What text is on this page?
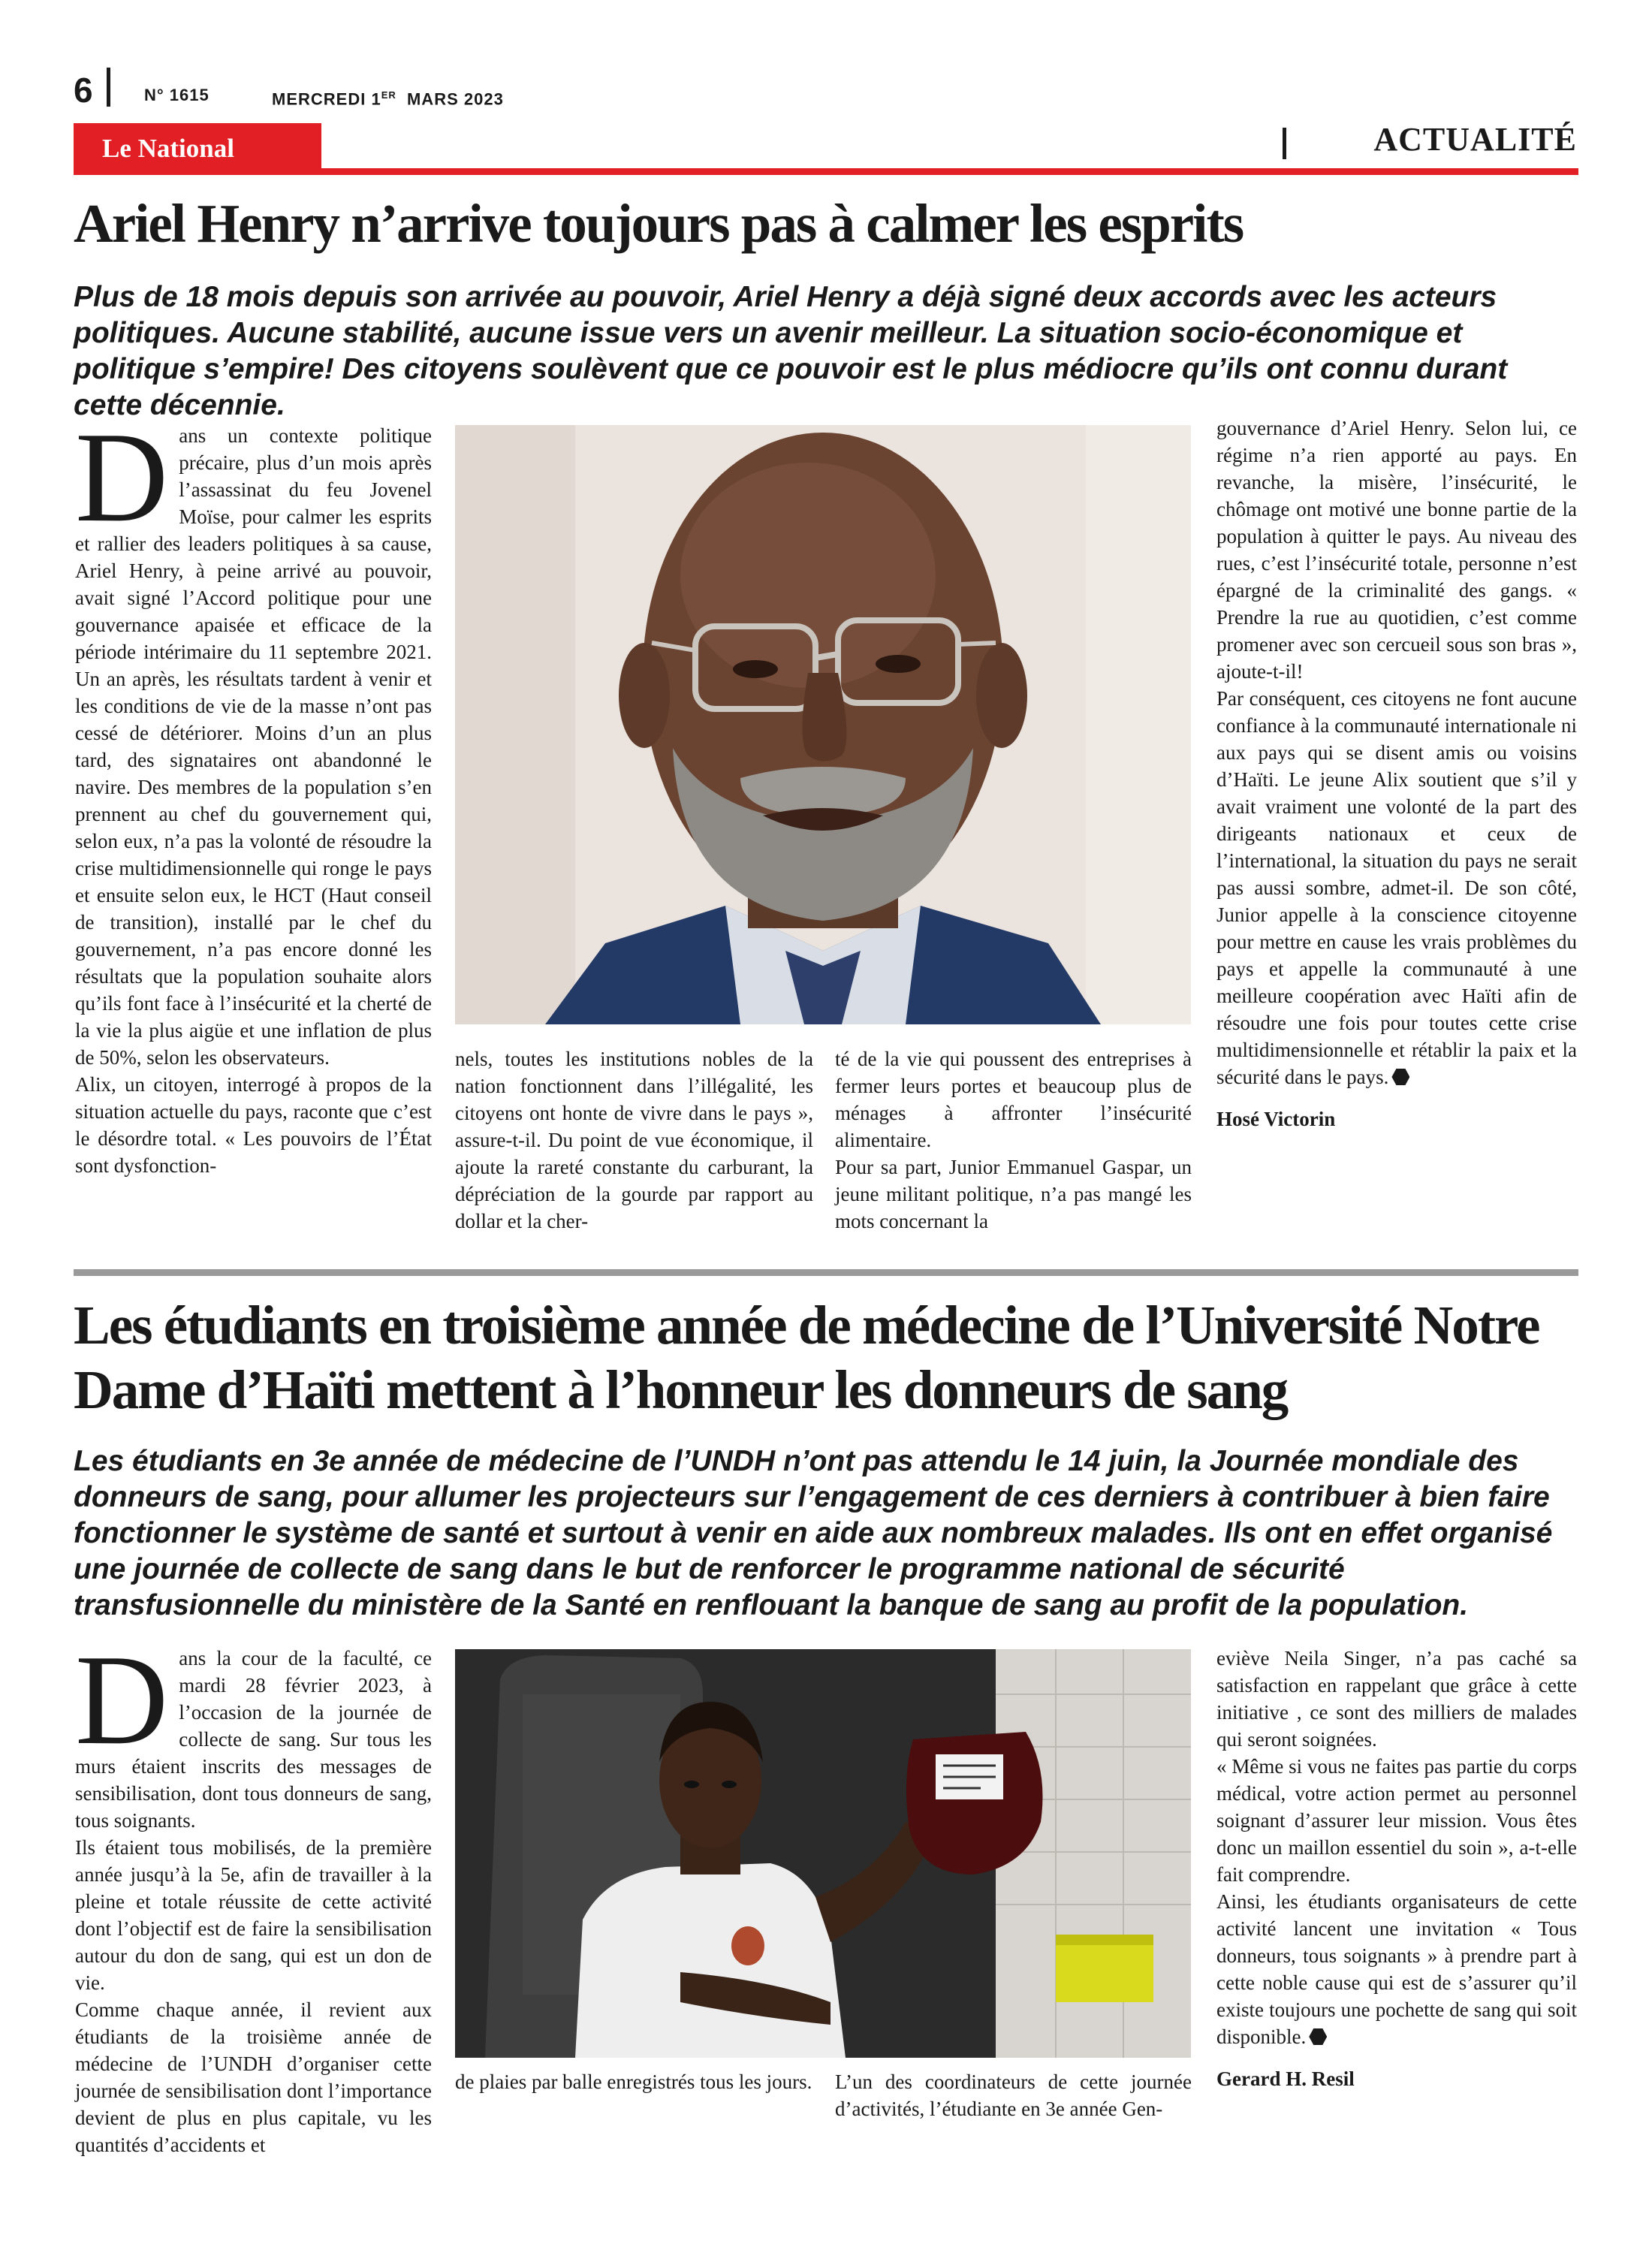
6	N° 1615	MERCREDI 1ER MARS 2023
Le National	ACTUALITÉ
Ariel Henry n’arrive toujours pas à calmer les esprits
Plus de 18 mois depuis son arrivée au pouvoir, Ariel Henry a déjà signé deux accords avec les acteurs politiques. Aucune stabilité, aucune issue vers un avenir meilleur. La situation socio-économique et politique s’empire! Des citoyens soulèvent que ce pouvoir est le plus médiocre qu’ils ont connu durant cette décennie.
D ans un contexte politique précaire, plus d’un mois après l’assassinat du feu Jovenel Moïse, pour calmer les esprits et rallier des leaders politiques à sa cause, Ariel Henry, à peine arrivé au pouvoir, avait signé l’Accord politique pour une gouvernance apaisée et efficace de la période intérimaire du 11 septembre 2021. Un an après, les résultats tardent à venir et les conditions de vie de la masse n’ont pas cessé de détériorer. Moins d’un an plus tard, des signataires ont abandonné le navire. Des membres de la population s’en prennent au chef du gouvernement qui, selon eux, n’a pas la volonté de résoudre la crise multidimensionnelle qui ronge le pays et ensuite selon eux, le HCT (Haut conseil de transition), installé par le chef du gouvernement, n’a pas encore donné les résultats que la population souhaite alors qu’ils font face à l’insécurité et la cherté de la vie la plus aigüe et une inflation de plus de 50%, selon les observateurs.

Alix, un citoyen, interrogé à propos de la situation actuelle du pays, raconte que c’est le désordre total. « Les pouvoirs de l’État sont dysfonction-

nels, toutes les institutions nobles de la nation fonctionnent dans l’illégalité, les citoyens ont honte de vivre dans le pays », assure-t-il. Du point de vue économique, il ajoute la rareté constante du carburant, la dépréciation de la gourde par rapport au dollar et la cher-

té de la vie qui poussent des entreprises à fermer leurs portes et beaucoup plus de ménages à affronter l’insécurité alimentaire.

Pour sa part, Junior Emmanuel Gaspar, un jeune militant politique, n’a pas mangé les mots concernant la

gouvernance d’Ariel Henry. Selon lui, ce régime n’a rien apporté au pays. En revanche, la misère, l’insécurité, le chômage ont motivé une bonne partie de la population à quitter le pays. Au niveau des rues, c’est l’insécurité totale, personne n’est épargné de la criminalité des gangs. « Prendre la rue au quotidien, c’est comme promener avec son cercueil sous son bras », ajoute-t-il!

Par conséquent, ces citoyens ne font aucune confiance à la communauté internationale ni aux pays qui se disent amis ou voisins d’Haïti. Le jeune Alix soutient que s’il y avait vraiment une volonté de la part des dirigeants nationaux et ceux de l’international, la situation du pays ne serait pas aussi sombre, admet-il. De son côté, Junior appelle à la conscience citoyenne pour mettre en cause les vrais problèmes du pays et appelle la communauté à une meilleure coopération avec Haïti afin de résoudre une fois pour toutes cette crise multidimensionnelle et rétablir la paix et la sécurité dans le pays.

Hosé Victorin

Les étudiants en troisième année de médecine de l’Université Notre Dame d’Haïti mettent à l’honneur les donneurs de sang
Les étudiants en 3e année de médecine de l’UNDH n’ont pas attendu le 14 juin, la Journée mondiale des donneurs de sang, pour allumer les projecteurs sur l’engagement de ces derniers à contribuer à bien faire fonctionner le système de santé et surtout à venir en aide aux nombreux malades. Ils ont en effet organisé une journée de collecte de sang dans le but de renforcer le programme national de sécurité transfusionnelle du ministère de la Santé en renflouant la banque de sang au profit de la population.
D ans la cour de la faculté, ce mardi 28 février 2023, à l’occasion de la journée de collecte de sang. Sur tous les murs étaient inscrits des messages de sensibilisation, dont tous donneurs de sang, tous soignants.

Ils étaient tous mobilisés, de la première année jusqu’à la 5e, afin de travailler à la pleine et totale réussite de cette activité dont l’objectif est de faire la sensibilisation autour du don de sang, qui est un don de vie.

Comme chaque année, il revient aux étudiants de la troisième année de médecine de l’UNDH d’organiser cette journée de sensibilisation dont l’importance devient de plus en plus capitale, vu les quantités d’accidents et

de plaies par balle enregistrés tous les jours. L’un des coordinateurs de cette journée d’activités, l’étudiante en 3e année Gen-

eviève Neila Singer, n’a pas caché sa satisfaction en rappelant que grâce à cette initiative , ce sont des milliers de malades qui seront soignées.

« Même si vous ne faites pas partie du corps médical, votre action permet au personnel soignant d’assurer leur mission. Vous êtes donc un maillon essentiel du soin », a-t-elle fait comprendre.

Ainsi, les étudiants organisateurs de cette activité lancent une invitation « Tous donneurs, tous soignants » à prendre part à cette noble cause qui est de s’assurer qu’il existe toujours une pochette de sang qui soit disponible.

Gerard H. Resil
